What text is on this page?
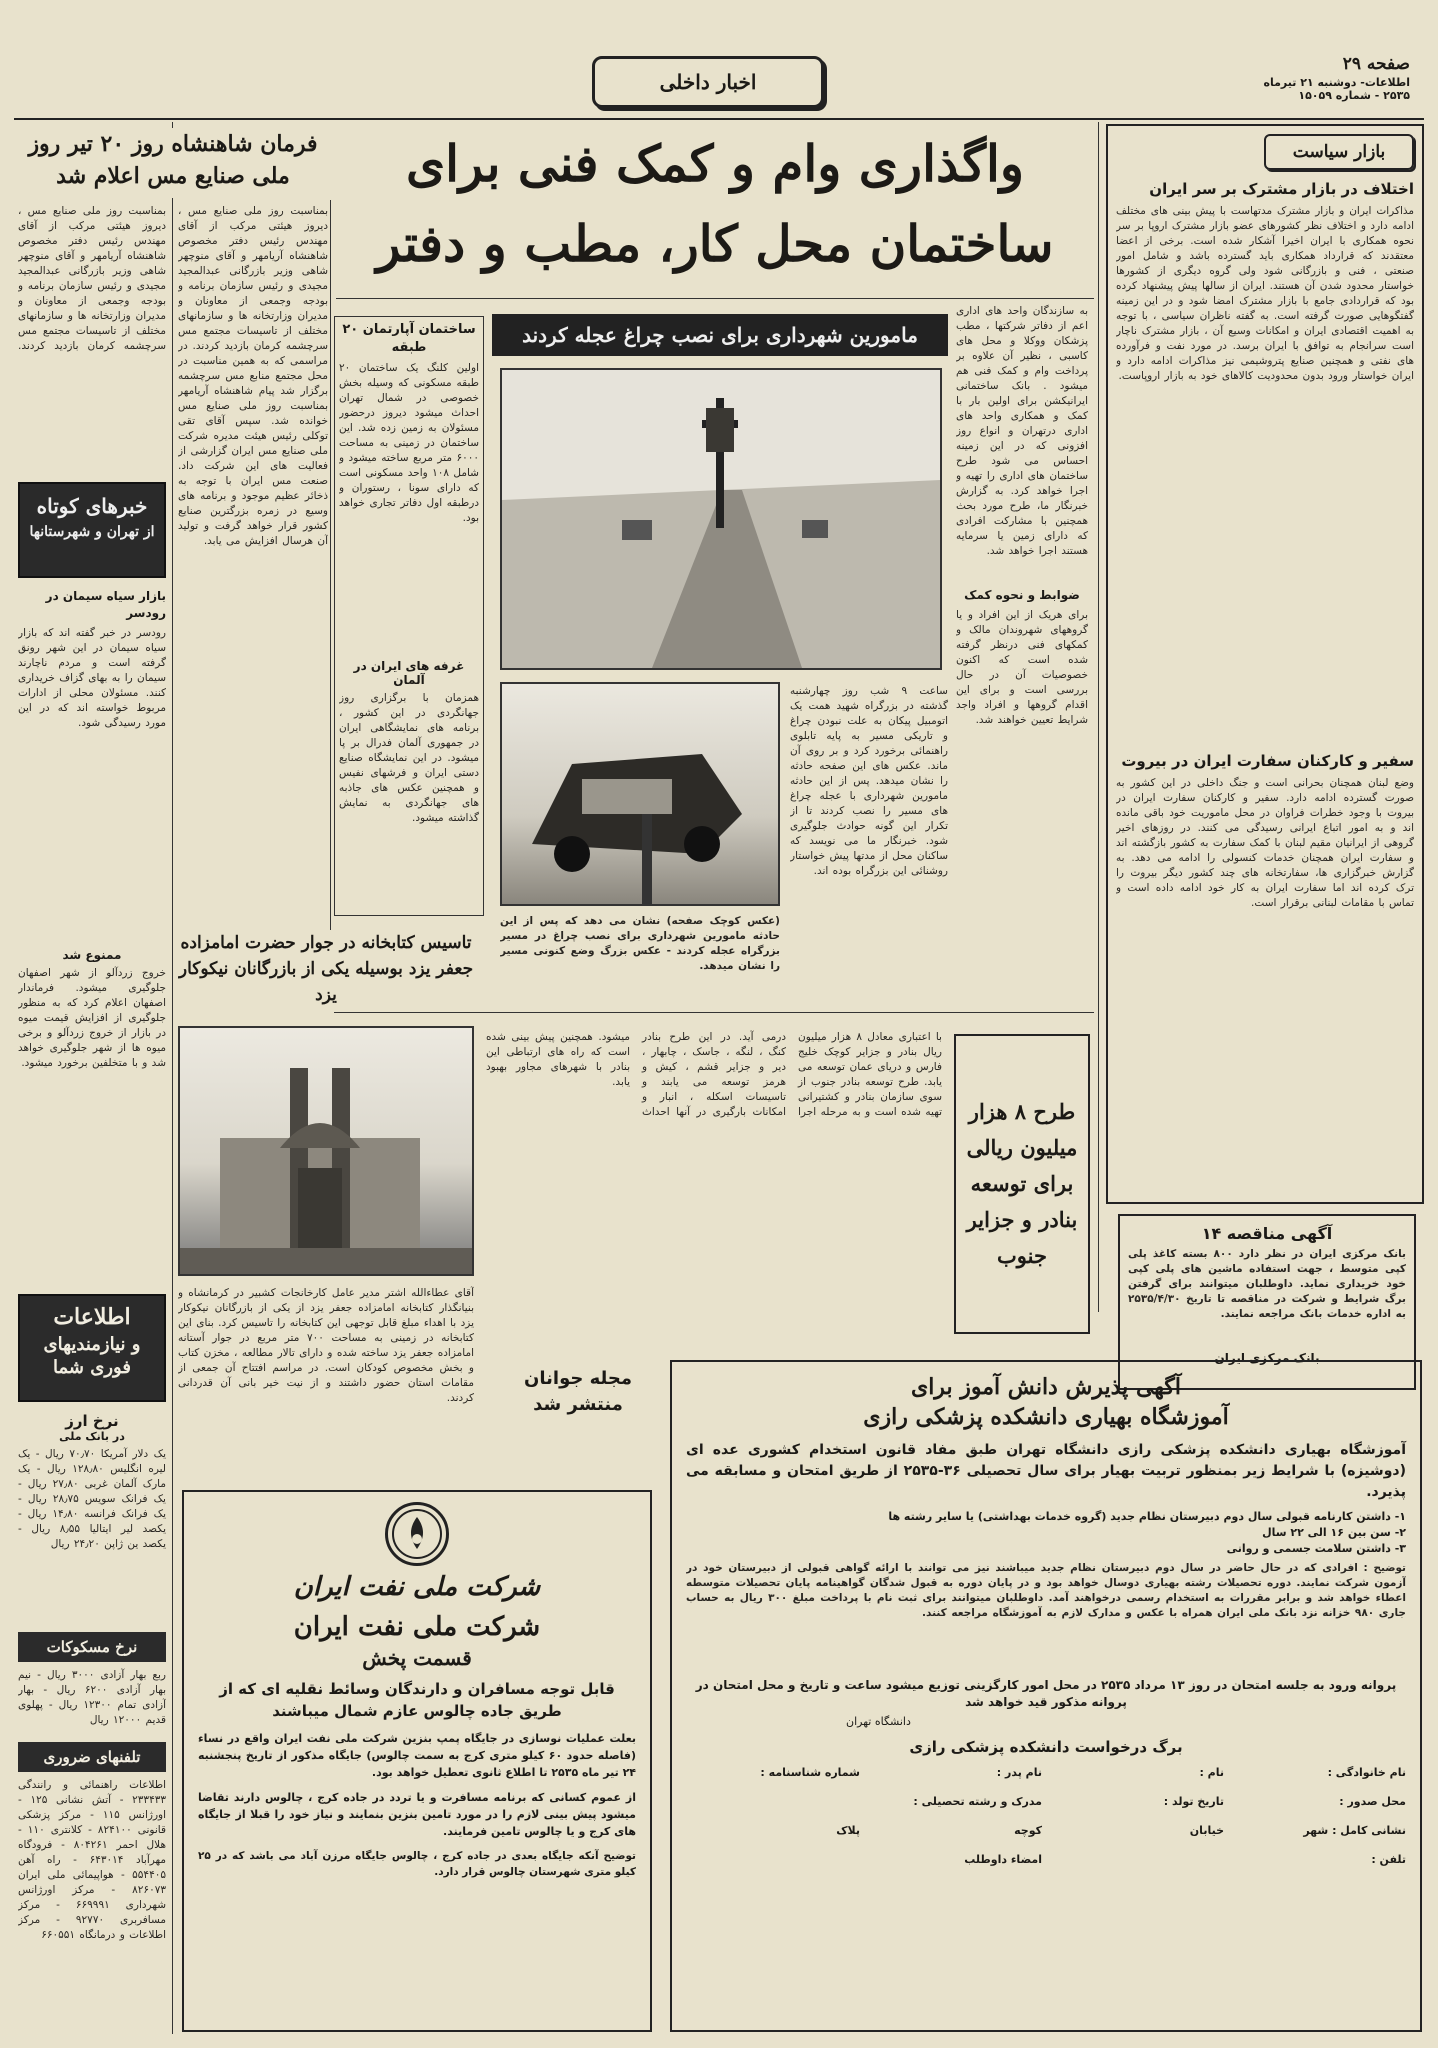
صفحه ۲۹
اطلاعات- دوشنبه ۲۱ تیرماه
۲۵۳۵ - شماره ۱۵۰۵۹
اخبار داخلی
خبرهای کوتاه
از تهران و شهرستانها
بازار سیاه سیمان در رودسر
رودسر در خبر گفته اند که بازار سیاه سیمان در این شهر رونق گرفته است و مردم ناچارند سیمان را به بهای گزاف خریداری کنند. مسئولان محلی از ادارات مربوط خواسته اند که در این مورد رسیدگی شود.
ممنوع شد
خروج زردآلو از شهر اصفهان جلوگیری میشود. فرماندار اصفهان اعلام کرد که به منظور جلوگیری از افزایش قیمت میوه در بازار از خروج زردآلو و برخی میوه ها از شهر جلوگیری خواهد شد و با متخلفین برخورد میشود.
اطلاعات
و نیازمندیهای
فوری شما
نرخ ارز
در بانک ملی
یک دلار آمریکا ۷۰٫۷۰ ریال - یک لیره انگلیس ۱۲۸٫۸۰ ریال - یک مارک آلمان غربی ۲۷٫۸۰ ریال - یک فرانک سویس ۲۸٫۷۵ ریال - یک فرانک فرانسه ۱۴٫۸۰ ریال - یکصد لیر ایتالیا ۸٫۵۵ ریال - یکصد ین ژاپن ۲۴٫۲۰ ریال
نرخ مسکوکات
ربع بهار آزادی ۳۰۰۰ ریال - نیم بهار آزادی ۶۲۰۰ ریال - بهار آزادی تمام ۱۲۳۰۰ ریال - پهلوی قدیم ۱۲۰۰۰ ریال
تلفنهای ضروری
اطلاعات راهنمائی و رانندگی ۲۳۳۴۳۳ - آتش نشانی ۱۲۵ - اورژانس ۱۱۵ - مرکز پزشکی قانونی ۸۲۴۱۰۰ - کلانتری ۱۱۰ - هلال احمر ۸۰۴۲۶۱ - فرودگاه مهرآباد ۶۴۳۰۱۴ - راه آهن ۵۵۴۴۰۵ - هواپیمائی ملی ایران ۸۲۶۰۷۳ - مرکز اورژانس شهرداری ۶۶۹۹۹۱ - مرکز مسافربری ۹۲۷۷۰ - مرکز اطلاعات و درمانگاه ۶۶۰۵۵۱
فرمان شاهنشاه روز ۲۰ تیر روز ملی صنایع مس اعلام شد
بمناسبت روز ملی صنایع مس ، دیروز هیئتی مرکب از آقای مهندس رئیس دفتر مخصوص شاهنشاه آریامهر و آقای منوچهر شاهی وزیر بازرگانی عبدالمجید مجیدی و رئیس سازمان برنامه و بودجه وجمعی از معاونان و مدیران وزارتخانه ها و سازمانهای مختلف از تاسیسات مجتمع مس سرچشمه کرمان بازدید کردند.
بمناسبت روز ملی صنایع مس ، دیروز هیئتی مرکب از آقای مهندس رئیس دفتر مخصوص شاهنشاه آریامهر و آقای منوچهر شاهی وزیر بازرگانی عبدالمجید مجیدی و رئیس سازمان برنامه و بودجه وجمعی از معاونان و مدیران وزارتخانه ها و سازمانهای مختلف از تاسیسات مجتمع مس سرچشمه کرمان بازدید کردند. در مراسمی که به همین مناسبت در محل مجتمع منابع مس سرچشمه برگزار شد پیام شاهنشاه آریامهر بمناسبت روز ملی صنایع مس خوانده شد. سپس آقای تقی توکلی رئیس هیئت مدیره شرکت ملی صنایع مس ایران گزارشی از فعالیت های این شرکت داد. صنعت مس ایران با توجه به ذخائر عظیم موجود و برنامه های وسیع در زمره بزرگترین صنایع کشور قرار خواهد گرفت و تولید آن هرسال افزایش می یابد.
تاسیس کتابخانه در جوار حضرت امامزاده جعفر یزد بوسیله یکی از بازرگانان نیکوکار یزد
آقای عطاءالله اشتر مدیر عامل کارخانجات کشبیر در کرمانشاه و بنیانگذار کتابخانه امامزاده جعفر یزد از یکی از بازرگانان نیکوکار یزد با اهداء مبلغ قابل توجهی این کتابخانه را تاسیس کرد. بنای این کتابخانه در زمینی به مساحت ۷۰۰ متر مربع در جوار آستانه امامزاده جعفر یزد ساخته شده و دارای تالار مطالعه ، مخزن کتاب و بخش مخصوص کودکان است. در مراسم افتتاح آن جمعی از مقامات استان حضور داشتند و از نیت خیر بانی آن قدردانی کردند.
واگذاری وام و کمک فنی برای
ساختمان محل کار، مطب و دفتر
به سازندگان واحد های اداری اعم از دفاتر شرکتها ، مطب پزشکان ووکلا و محل های کاسبی ، نظیر آن علاوه بر پرداخت وام و کمک فنی هم میشود . بانک ساختمانی ایرانیکشن برای اولین بار با کمک و همکاری واحد های اداری درتهران و انواع روز افزونی که در این زمینه احساس می شود طرح ساختمان های اداری را تهیه و اجرا خواهد کرد. به گزارش خبرنگار ما، طرح مورد بحث همچنین با مشارکت افرادی که دارای زمین یا سرمایه هستند اجرا خواهد شد.
ضوابط و نحوه کمک
برای هریک از این افراد و یا گروههای شهروندان مالک و کمکهای فنی درنظر گرفته شده است که اکنون خصوصیات آن در حال بررسی است و برای این اقدام گروهها و افراد واجد شرایط تعیین خواهند شد.
مامورین شهرداری برای نصب چراغ عجله کردند
ساعت ۹ شب روز چهارشنبه گذشته در بزرگراه شهید همت یک اتومبیل پیکان به علت نبودن چراغ و تاریکی مسیر به پایه تابلوی راهنمائی برخورد کرد و بر روی آن ماند. عکس های این صفحه حادثه را نشان میدهد. پس از این حادثه مامورین شهرداری با عجله چراغ های مسیر را نصب کردند تا از تکرار این گونه حوادث جلوگیری شود. خبرنگار ما می نویسد که ساکنان محل از مدتها پیش خواستار روشنائی این بزرگراه بوده اند.
(عکس کوچک صفحه) نشان می دهد که پس از این حادثه مامورین شهرداری برای نصب چراغ در مسیر بزرگراه عجله کردند - عکس بزرگ وضع کنونی مسیر را نشان میدهد.
ساختمان آپارتمان ۲۰ طبقه
اولین کلنگ یک ساختمان ۲۰ طبقه مسکونی که وسیله بخش خصوصی در شمال تهران احداث میشود دیروز درحضور مسئولان به زمین زده شد. این ساختمان در زمینی به مساحت ۶۰۰۰ متر مربع ساخته میشود و شامل ۱۰۸ واحد مسکونی است که دارای سونا ، رستوران و درطبقه اول دفاتر تجاری خواهد بود.
غرفه های ایران در آلمان
همزمان با برگزاری روز جهانگردی در این کشور ، برنامه های نمایشگاهی ایران در جمهوری آلمان فدرال بر پا میشود. در این نمایشگاه صنایع دستی ایران و فرشهای نفیس و همچنین عکس های جاذبه های جهانگردی به نمایش گذاشته میشود.
طرح ۸ هزار میلیون ریالی برای توسعه بنادر و جزایر جنوب
با اعتباری معادل ۸ هزار میلیون ریال بنادر و جزایر کوچک خلیج فارس و دریای عمان توسعه می یابد. طرح توسعه بنادر جنوب از سوی سازمان بنادر و کشتیرانی تهیه شده است و به مرحله اجرا درمی آید. در این طرح بنادر کنگ ، لنگه ، جاسک ، چابهار ، دیر و جزایر قشم ، کیش و هرمز توسعه می یابند و تاسیسات اسکله ، انبار و امکانات بارگیری در آنها احداث میشود. همچنین پیش بینی شده است که راه های ارتباطی این بنادر با شهرهای مجاور بهبود یابد.
بازار سیاست
اختلاف در بازار مشترک بر سر ایران
مذاکرات ایران و بازار مشترک مدتهاست با پیش بینی های مختلف ادامه دارد و اختلاف نظر کشورهای عضو بازار مشترک اروپا بر سر نحوه همکاری با ایران اخیرا آشکار شده است. برخی از اعضا معتقدند که قرارداد همکاری باید گسترده باشد و شامل امور صنعتی ، فنی و بازرگانی شود ولی گروه دیگری از کشورها خواستار محدود شدن آن هستند. ایران از سالها پیش پیشنهاد کرده بود که قراردادی جامع با بازار مشترک امضا شود و در این زمینه گفتگوهایی صورت گرفته است. به گفته ناظران سیاسی ، با توجه به اهمیت اقتصادی ایران و امکانات وسیع آن ، بازار مشترک ناچار است سرانجام به توافق با ایران برسد. در مورد نفت و فرآورده های نفتی و همچنین صنایع پتروشیمی نیز مذاکرات ادامه دارد و ایران خواستار ورود بدون محدودیت کالاهای خود به بازار اروپاست.
سفیر و کارکنان سفارت ایران در بیروت
وضع لبنان همچنان بحرانی است و جنگ داخلی در این کشور به صورت گسترده ادامه دارد. سفیر و کارکنان سفارت ایران در بیروت با وجود خطرات فراوان در محل ماموریت خود باقی مانده اند و به امور اتباع ایرانی رسیدگی می کنند. در روزهای اخیر گروهی از ایرانیان مقیم لبنان با کمک سفارت به کشور بازگشته اند و سفارت ایران همچنان خدمات کنسولی را ادامه می دهد. به گزارش خبرگزاری ها، سفارتخانه های چند کشور دیگر بیروت را ترک کرده اند اما سفارت ایران به کار خود ادامه داده است و تماس با مقامات لبنانی برقرار است.
آگهی مناقصه ۱۴
بانک مرکزی ایران در نظر دارد ۸۰۰ بسته کاغذ پلی کپی متوسط ، جهت استفاده ماشین های پلی کپی خود خریداری نماید. داوطلبان میتوانند برای گرفتن برگ شرایط و شرکت در مناقصه تا تاریخ ۲۵۳۵/۴/۳۰ به اداره خدمات بانک مراجعه نمایند.
بانک مرکزی ایران
مجله جوانان منتشر شد
آگهی پذیرش دانش آموز برای
آموزشگاه بهیاری دانشکده پزشکی رازی
آموزشگاه بهیاری دانشکده پزشکی رازی دانشگاه تهران طبق مفاد قانون استخدام کشوری عده ای (دوشیزه) با شرایط زیر بمنظور تربیت بهیار برای سال تحصیلی ۳۶-۲۵۳۵ از طریق امتحان و مسابقه می پذیرد.
۱- داشتن کارنامه قبولی سال دوم دبیرستان نظام جدید (گروه خدمات بهداشتی) یا سایر رشته ها
۲- سن بین ۱۶ الی ۲۲ سال
۳- داشتن سلامت جسمی و روانی
توضیح : افرادی که در حال حاضر در سال دوم دبیرستان نظام جدید میباشند نیز می توانند با ارائه گواهی قبولی از دبیرستان خود در آزمون شرکت نمایند. دوره تحصیلات رشته بهیاری دوسال خواهد بود و در پایان دوره به قبول شدگان گواهینامه پایان تحصیلات متوسطه اعطاء خواهد شد و برابر مقررات به استخدام رسمی درخواهند آمد. داوطلبان میتوانند برای ثبت نام با پرداخت مبلغ ۳۰۰ ریال به حساب جاری ۹۸۰ خزانه نزد بانک ملی ایران همراه با عکس و مدارک لازم به آموزشگاه مراجعه کنند.
پروانه ورود به جلسه امتحان در روز ۱۳ مرداد ۲۵۳۵ در محل امور کارگزینی توزیع میشود ساعت و تاریخ و محل امتحان در پروانه مذکور قید خواهد شد
دانشگاه تهران
برگ درخواست دانشکده پزشکی رازی
نام خانوادگی :
نام :
نام پدر :
شماره شناسنامه :
محل صدور :
تاریخ تولد :
مدرک و رشته تحصیلی :
نشانی کامل : شهر
خیابان
کوچه
پلاک
تلفن :
امضاء داوطلب
شرکت ملی نفت ایران
شرکت ملی نفت ایران
قسمت پخش
قابل توجه مسافران و دارندگان وسائط نقلیه ای که از طریق جاده چالوس عازم شمال میباشند
بعلت عملیات نوسازی در جایگاه پمپ بنزین شرکت ملی نفت ایران واقع در نساء (فاصله حدود ۶۰ کیلو متری کرج به سمت چالوس) جایگاه مذکور از تاریخ پنجشنبه ۲۴ تیر ماه ۲۵۳۵ تا اطلاع ثانوی تعطیل خواهد بود.
از عموم کسانی که برنامه مسافرت و یا تردد در جاده کرج ، چالوس دارند تقاضا میشود پیش بینی لازم را در مورد تامین بنزین بنمایند و نیاز خود را قبلا از جایگاه های کرج و یا چالوس تامین فرمایند.
توضیح آنکه جایگاه بعدی در جاده کرج ، چالوس جایگاه مرزن آباد می باشد که در ۲۵ کیلو متری شهرستان چالوس قرار دارد.
